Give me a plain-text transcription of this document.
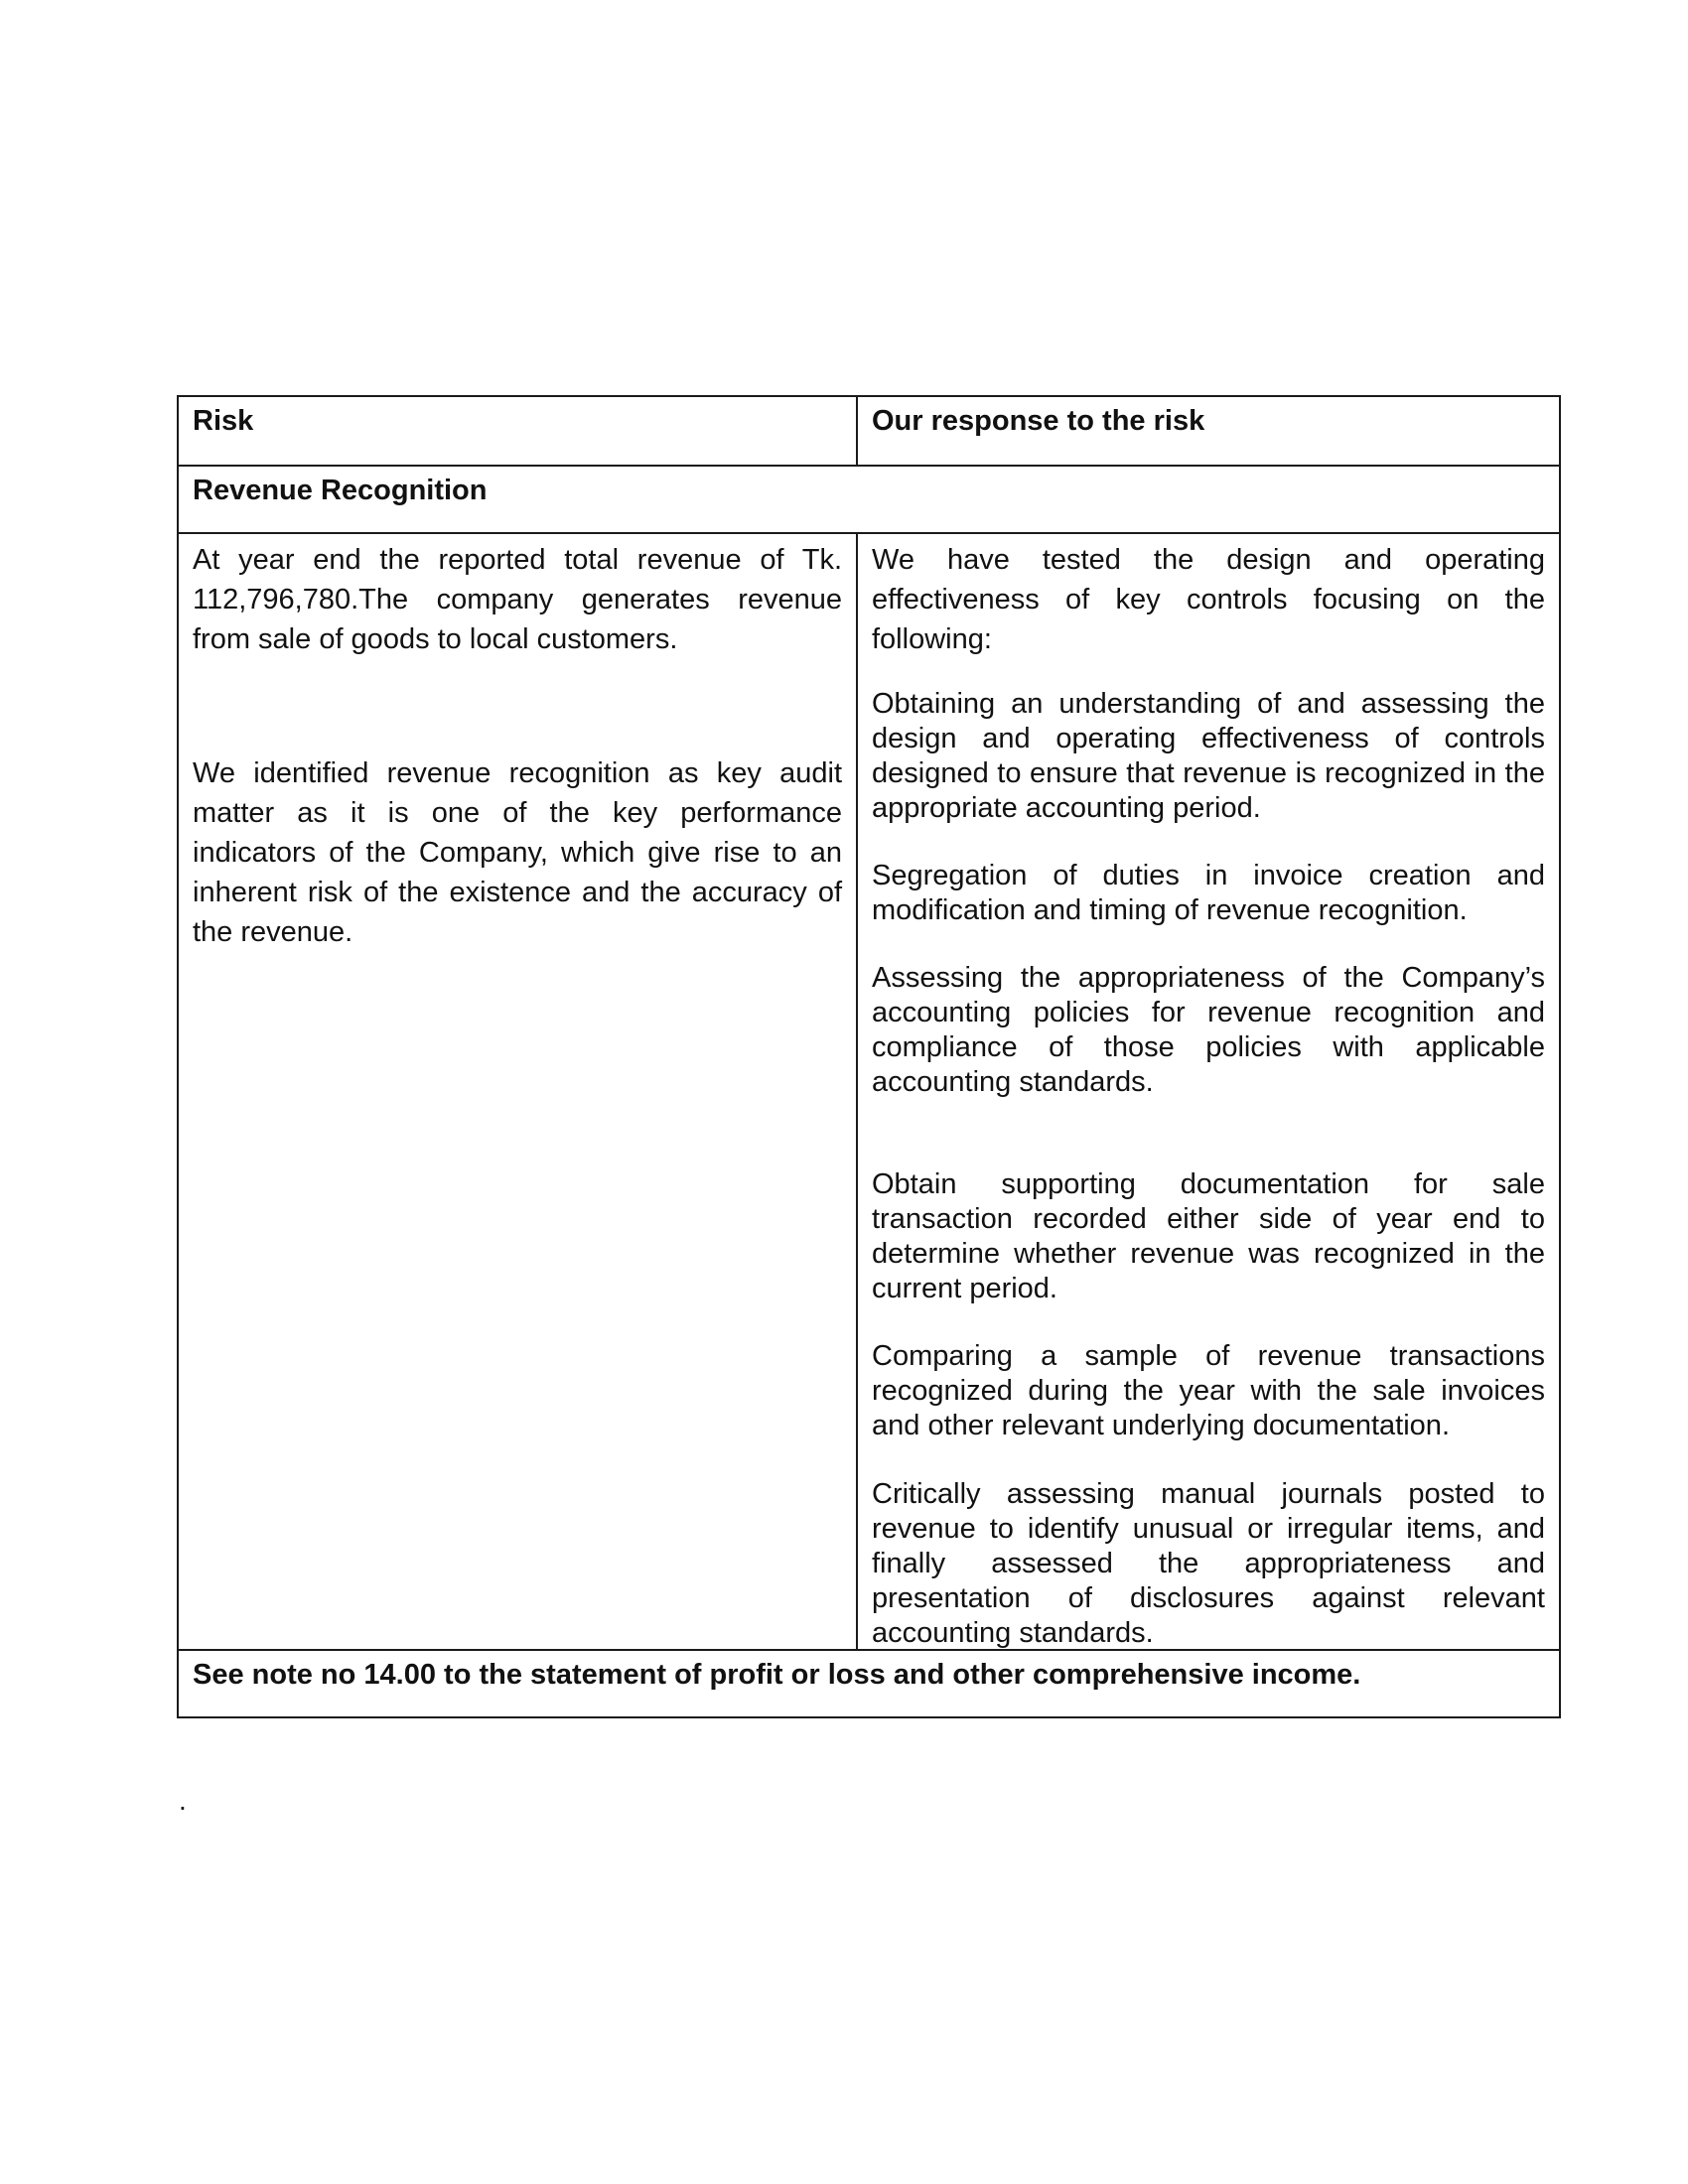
Risk	Our response to the risk
Revenue Recognition

At year end the reported total revenue of Tk. 112,796,780.The company generates revenue from sale of goods to local customers.

We identified revenue recognition as key audit matter as it is one of the key performance indicators of the Company, which give rise to an inherent risk of the existence and the accuracy of the revenue.

We have tested the design and operating effectiveness of key controls focusing on the following:

Obtaining an understanding of and assessing the design and operating effectiveness of controls designed to ensure that revenue is recognized in the appropriate accounting period.

Segregation of duties in invoice creation and modification and timing of revenue recognition.

Assessing the appropriateness of the Company’s accounting policies for revenue recognition and compliance of those policies with applicable accounting standards.

Obtain supporting documentation for sale transaction recorded either side of year end to determine whether revenue was recognized in the current period.

Comparing a sample of revenue transactions recognized during the year with the sale invoices and other relevant underlying documentation.

Critically assessing manual journals posted to revenue to identify unusual or irregular items, and finally assessed the appropriateness and presentation of disclosures against relevant accounting standards.

See note no 14.00 to the statement of profit or loss and other comprehensive income.
.
